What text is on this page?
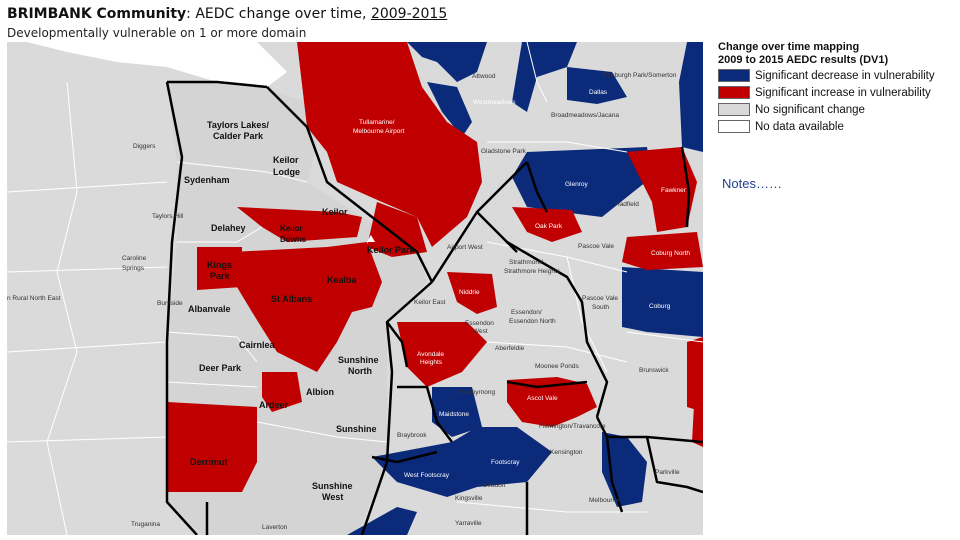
BRIMBANK Community: AEDC change over time, 2009-2015
Developmentally vulnerable on 1 or more domain
Taylors Lakes/
Calder Park
Keilor
Lodge
Sydenham
Keilor
Delahey	Keilor
Downs
Keilor Park
Kings
Park	Kealba
St Albans
Albanvale
Cairnlea
Sunshine
North
Deer Park
Albion
Ardeer
Sunshine
Derrimut
Sunshine
West
Tullamarine/
Melbourne Airport
Airport West
Niddrie
Avondale
Heights
Essendon
West
Aberfeldie
Moonee Ponds
Ascot Vale
Maribyrnong
Maidstone
Footscray
West Footscray
Braybrook
Seddon
Kensington
Flemington/Travancore
Kingsville
Yarraville
Melbourne
Coburg
Glenroy
Oak Park
Pascoe Vale
Gladstone Park
Attwood
Westmeadows
Roxburgh Park/Somerton
Dallas
Broadmeadows/Jacana
Fawkner
Hadfield
Coburg North
Brunswick
Strathmore/
Strathmore Heights
Keilor East
Essendon/
Essendon North
Pascoe Vale
South
Parkville
Diggers
Taylors Hill
Caroline
Springs
Burnside
n Rural North East
Truganina	Laverton
Change over time mapping
2009 to 2015 AEDC results (DV1)
Significant decrease in vulnerability
Significant increase in vulnerability
No significant change
No data available
Notes……
